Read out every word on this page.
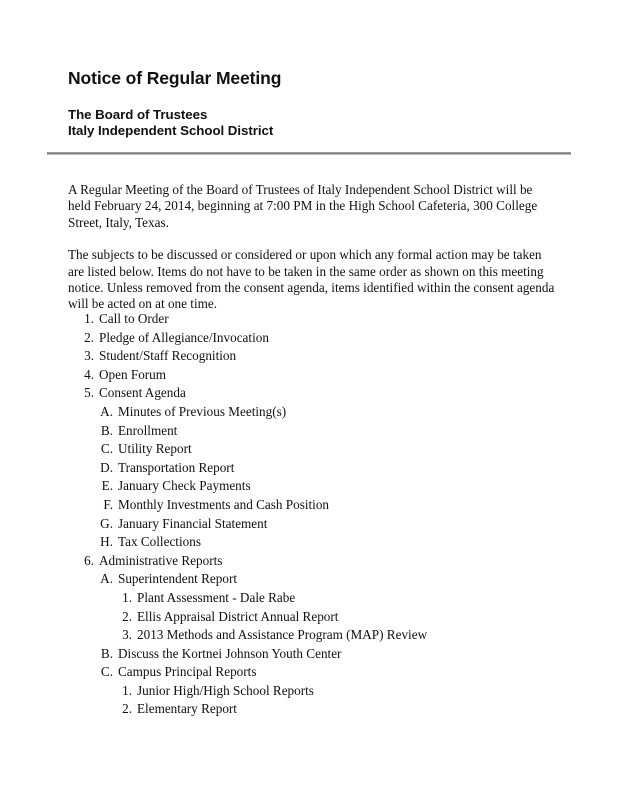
Notice of Regular Meeting
The Board of Trustees
Italy Independent School District

A Regular Meeting of the Board of Trustees of Italy Independent School District will be held February 24, 2014, beginning at 7:00 PM in the High School Cafeteria, 300 College Street, Italy, Texas.

The subjects to be discussed or considered or upon which any formal action may be taken are listed below. Items do not have to be taken in the same order as shown on this meeting notice. Unless removed from the consent agenda, items identified within the consent agenda will be acted on at one time.

1. Call to Order
2. Pledge of Allegiance/Invocation
3. Student/Staff Recognition
4. Open Forum
5. Consent Agenda
A. Minutes of Previous Meeting(s)
B. Enrollment
C. Utility Report
D. Transportation Report
E. January Check Payments
F. Monthly Investments and Cash Position
G. January Financial Statement
H. Tax Collections
6. Administrative Reports
A. Superintendent Report
1. Plant Assessment - Dale Rabe
2. Ellis Appraisal District Annual Report
3. 2013 Methods and Assistance Program (MAP) Review
B. Discuss the Kortnei Johnson Youth Center
C. Campus Principal Reports
1. Junior High/High School Reports
2. Elementary Report
